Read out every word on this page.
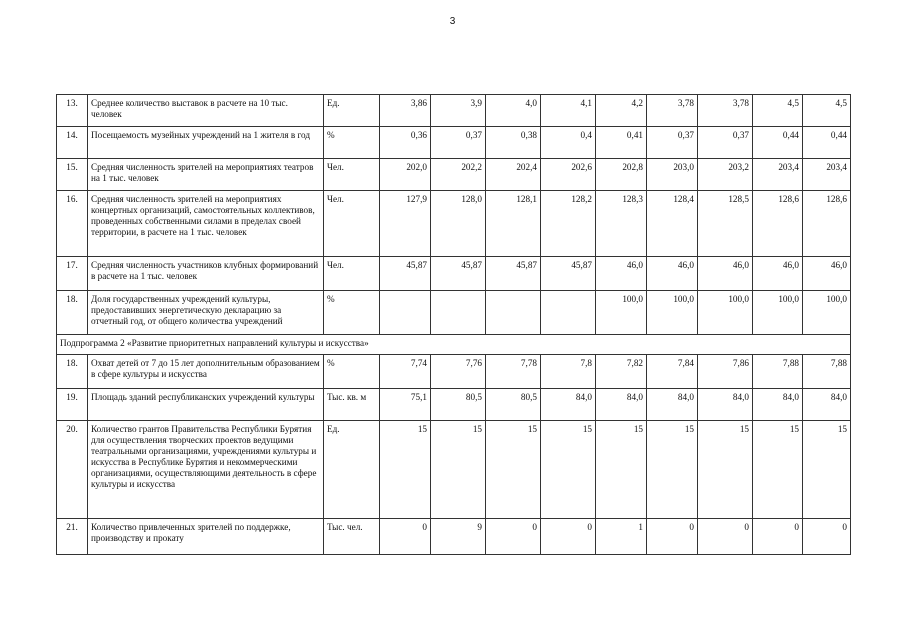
3
13.	Среднее количество выставок в расчете на 10 тыс. человек	Ед.	3,86	3,9	4,0	4,1	4,2	3,78	3,78	4,5	4,5
14.	Посещаемость музейных учреждений на 1 жителя в год	%	0,36	0,37	0,38	0,4	0,41	0,37	0,37	0,44	0,44
15.	Средняя численность зрителей на мероприятиях театров на 1 тыс. человек	Чел.	202,0	202,2	202,4	202,6	202,8	203,0	203,2	203,4	203,4
16.	Средняя численность зрителей на мероприятиях концертных организаций, самостоятельных коллективов, проведенных собственными силами в пределах своей территории, в расчете на 1 тыс. человек	Чел.	127,9	128,0	128,1	128,2	128,3	128,4	128,5	128,6	128,6
17.	Средняя численность участников клубных формирований в расчете на 1 тыс. человек	Чел.	45,87	45,87	45,87	45,87	46,0	46,0	46,0	46,0	46,0
18.	Доля государственных учреждений культуры, предоставивших энергетическую декларацию за отчетный год, от общего количества учреждений	%					100,0	100,0	100,0	100,0	100,0
Подпрограмма 2 «Развитие приоритетных направлений культуры и искусства»											
18.	Охват детей от 7 до 15 лет дополнительным образованием в сфере культуры и искусства	%	7,74	7,76	7,78	7,8	7,82	7,84	7,86	7,88	7,88
19.	Площадь зданий республиканских учреждений культуры	Тыс. кв. м	75,1	80,5	80,5	84,0	84,0	84,0	84,0	84,0	84,0
20.	Количество грантов Правительства Республики Бурятия для осуществления творческих проектов ведущими театральными организациями, учреждениями культуры и искусства в Республике Бурятия и некоммерческими организациями, осуществляющими деятельность в сфере культуры и искусства	Ед.	15	15	15	15	15	15	15	15	15
21.	Количество привлеченных зрителей по поддержке, производству и прокату	Тыс. чел.	0	9	0	0	1	0	0	0	0
